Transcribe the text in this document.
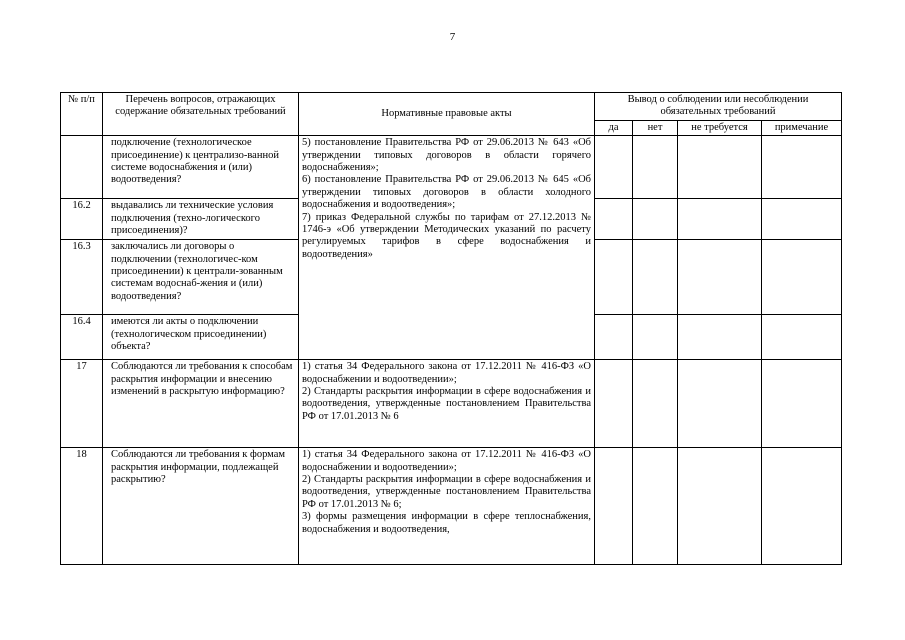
7
№ п/п	Перечень вопросов, отражающих содержание обязательных требований	Нормативные правовые акты	Вывод о соблюдении или несоблюдении обязательных требований			
			да	нет	не требуется	примечание
	подключение (технологическое присоединение) к централизо-ванной системе водоснабжения и (или) водоотведения?	5) постановление Правительства РФ от 29.06.2013 № 643 «Об утверждении типовых договоров в области горячего водоснабжения»;
6) постановление Правительства РФ от 29.06.2013 № 645 «Об утверждении типовых договоров в области холодного водоснабжения и водоотведения»;
7) приказ Федеральной службы по тарифам от 27.12.2013 № 1746-э «Об утверждении Методических указаний по расчету регулируемых тарифов в сфере водоснабжения и водоотведения»				

16.2	выдавались ли технические условия подключения (техно-логического присоединения)?					
16.3	заключались ли договоры о подключении (технологичес-ком присоединении) к централи-зованным системам водоснаб-жения и (или) водоотведения?					
16.4	имеются ли акты о подключении (технологическом присоединении) объекта?					
17	Соблюдаются ли требования к способам раскрытия информации и внесению изменений в раскрытую информацию?	1) статья 34 Федерального закона от 17.12.2011 № 416-ФЗ «О водоснабжении и водоотведении»;
2) Стандарты раскрытия информации в сфере водоснабжения и водоотведения, утвержденные постановлением Правительства РФ от 17.01.2013 № 6				

18	Соблюдаются ли требования к формам раскрытия информации, подлежащей раскрытию?	1) статья 34 Федерального закона от 17.12.2011 № 416-ФЗ «О водоснабжении и водоотведении»;
2) Стандарты раскрытия информации в сфере водоснабжения и водоотведения, утвержденные постановлением Правительства РФ от 17.01.2013 № 6;
3) формы размещения информации в сфере теплоснабжения, водоснабжения и водоотведения,				
